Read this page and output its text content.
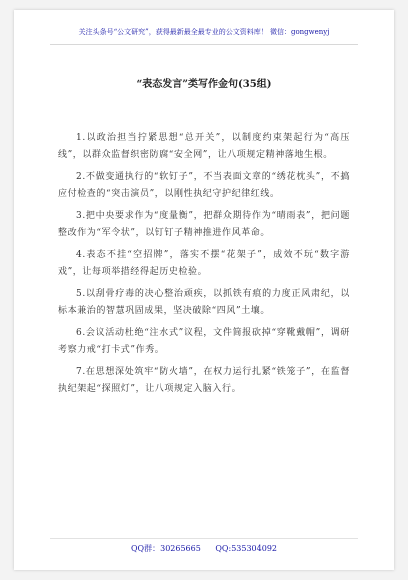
关注头条号“公文研究”，获得最新最全最专业的公文资料库！ 微信：gongwenyj
“表态发言”类写作金句(35组)

1.以政治担当拧紧思想“总开关”，以制度约束架起行为“高压线”，以群众监督织密防腐“安全网”，让八项规定精神落地生根。

2.不做变通执行的“软钉子”，不当表面文章的“绣花枕头”，不搞应付检查的“突击演员”，以刚性执纪守护纪律红线。

3.把中央要求作为“度量衡”，把群众期待作为“晴雨表”，把问题整改作为“军令状”，以钉钉子精神推进作风革命。

4.表态不挂“空招牌”，落实不摆“花架子”，成效不玩“数字游戏”，让每项举措经得起历史检验。

5.以刮骨疗毒的决心整治顽疾，以抓铁有痕的力度正风肃纪，以标本兼治的智慧巩固成果，坚决破除“四风”土壤。

6.会议活动杜绝“注水式”议程，文件简报砍掉“穿靴戴帽”，调研考察力戒“打卡式”作秀。

7.在思想深处筑牢“防火墙”，在权力运行扎紧“铁笼子”，在监督执纪架起“探照灯”，让八项规定入脑入行。

QQ群：30265665 QQ:535304092
